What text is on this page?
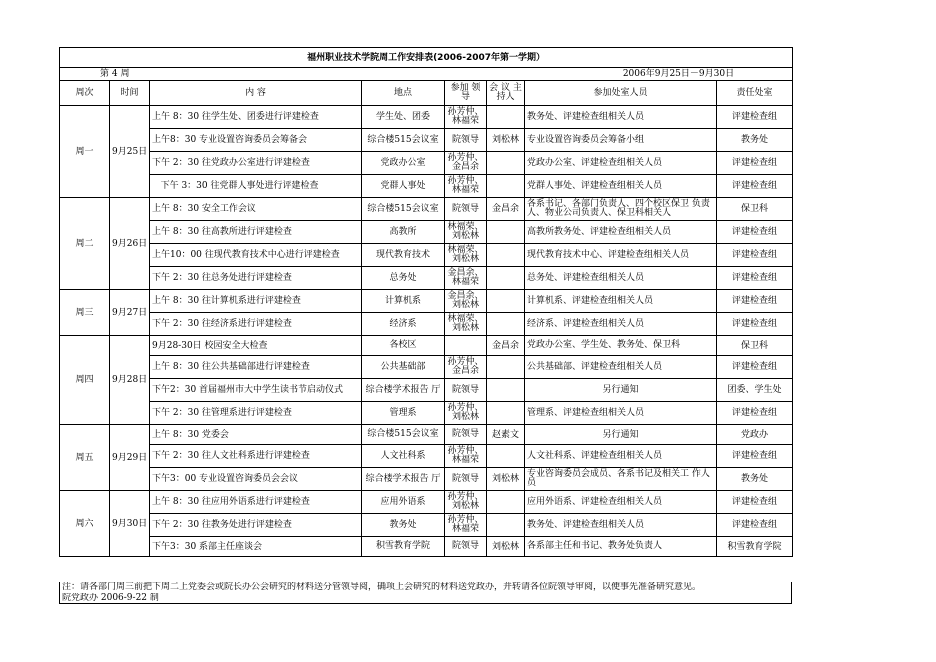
福州职业技术学院周工作安排表(2006-2007年第一学期）							
第 4 周		2006年9月25日－9月30日					
周次	时间	内 容	地点	参加 领导	会 议 主持人	参加处室人员	责任处室
周一	9月25日	上午 8：30 往学生处、团委进行评建检查	学生处、团委	孙芳仲、 林福荣		教务处、评建检查组相关人员	评建检查组
		上午8：30 专业设置咨询委员会筹备会	综合楼515会议室	院领导	刘松林	专业设置咨询委员会筹备小组	教务处
		下午 2：30 往党政办公室进行评建检查	党政办公室	孙芳仲、 金昌余		党政办公室、评建检查组相关人员	评建检查组
		下午 3：30 往党群人事处进行评建检查	党群人事处	孙芳仲、 林福荣		党群人事处、评建检查组相关人员	评建检查组
周二	9月26日	上午 8：30 安全工作会议	综合楼515会议室	院领导	金昌余	各系书记、各部门负责人、四个校区保卫 负责人、物业公司负责人、保卫科相关人	保卫科
		上午 8：30 往高教所进行评建检查	高教所	林福荣、 刘松林		高教所教务处、评建检查组相关人员	评建检查组
		上午10：00 往现代教育技术中心进行评建检查	现代教育技术	林福荣、 刘松林		现代教育技术中心、评建检查组相关人员	评建检查组
		下午 2：30 往总务处进行评建检查	总务处	金昌余、 林福荣		总务处、评建检查组相关人员	评建检查组
周三	9月27日	上午 8：30 往计算机系进行评建检查	计算机系	金昌余、 刘松林		计算机系、评建检查组相关人员	评建检查组
		下午 2：30 往经济系进行评建检查	经济系	林福荣、 刘松林		经济系、评建检查组相关人员	评建检查组
周四	9月28日	9月28-30日 校园安全大检查	各校区		金昌余	党政办公室、学生处、教务处、保卫科	保卫科
		上午 8：30 往公共基础部进行评建检查	公共基础部	孙芳仲、 金昌余		公共基础部、评建检查组相关人员	评建检查组
		下午2：30 首届福州市大中学生读书节启动仪式	综合楼学术报告 厅	院领导		另行通知	团委、学生处
		下午 2：30 往管理系进行评建检查	管理系	孙芳仲、 刘松林		管理系、评建检查组相关人员	评建检查组
周五	9月29日	上午 8：30 党委会	综合楼515会议室	院领导	赵素文	另行通知	党政办
		下午 2：30 往人文社科系进行评建检查	人文社科系	孙芳仲、 林福荣		人文社科系、评建检查组相关人员	评建检查组
		下午3：00 专业设置咨询委员会会议	综合楼学术报告 厅	院领导	刘松林	专业咨询委员会成员、各系书记及相关工 作人员	教务处
周六	9月30日	上午 8：30 往应用外语系进行评建检查	应用外语系	孙芳仲、 刘松林		应用外语系、评建检查组相关人员	评建检查组
		下午 2：30 往教务处进行评建检查	教务处	孙芳仲、 林福荣		教务处、评建检查组相关人员	评建检查组
		下午3：30 系部主任座谈会	积雪教育学院	院领导	刘松林	各系部主任和书记、教务处负责人	积雪教育学院
注：请各部门周三前把下周二上党委会或院长办公会研究的材料送分管领导阅，确项上会研究的材料送党政办，并转请各位院领导审阅，以便事先准备研究意见。
院党政办 2006-9-22 制
